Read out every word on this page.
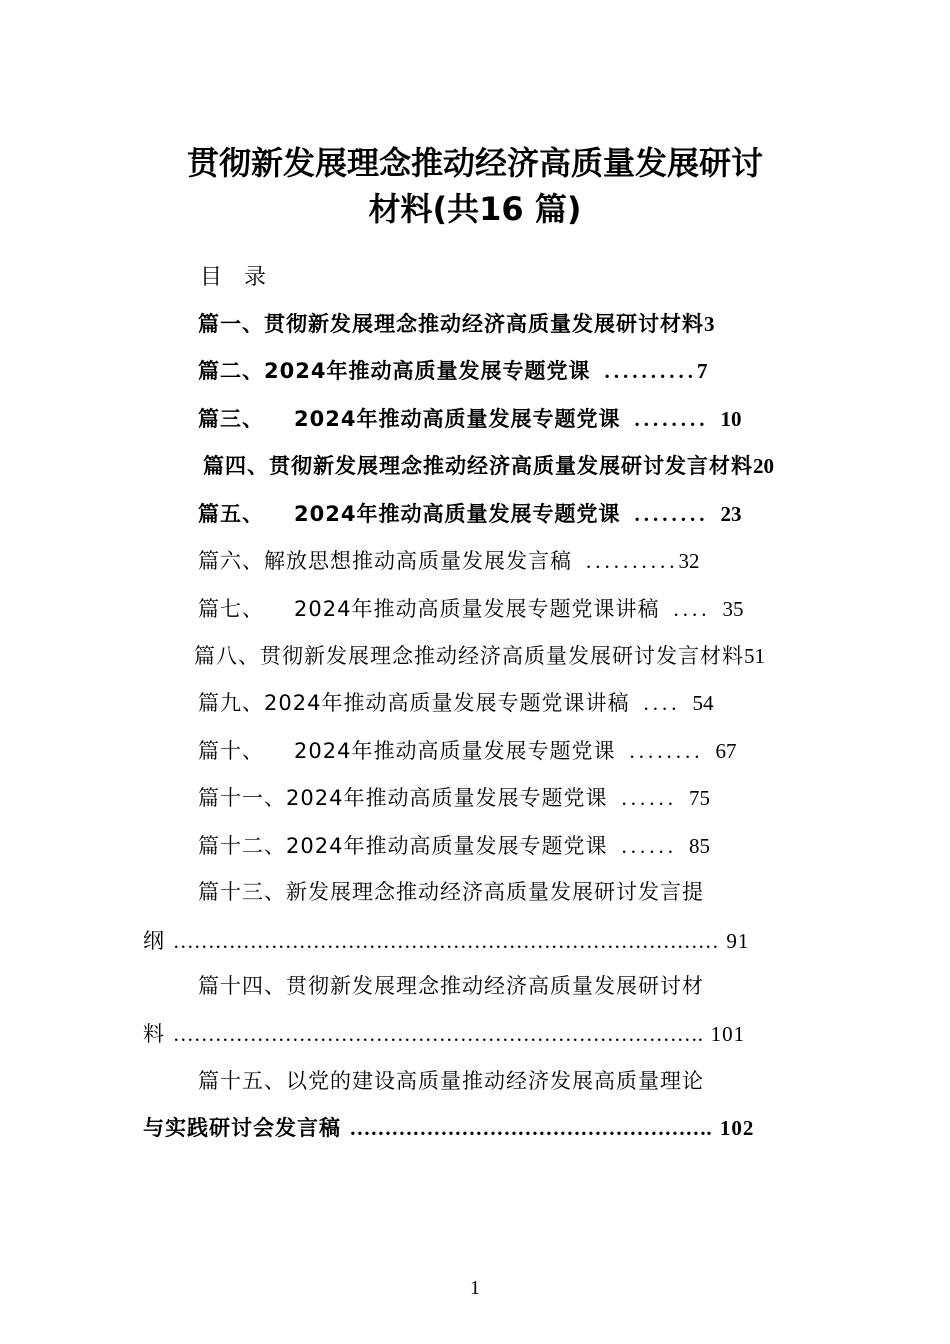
贯彻新发展理念推动经济高质量发展研讨
材料(共16 篇)
目录
篇一、贯彻新发展理念推动经济高质量发展研讨材料 3
篇二、2024年推动高质量发展专题党课 .......... 7
篇三、 2024年推动高质量发展专题党课 ........ 10
篇四、贯彻新发展理念推动经济高质量发展研讨发言材料 20
篇五、 2024年推动高质量发展专题党课 ........ 23
篇六、解放思想推动高质量发展发言稿 .......... 32
篇七、 2024年推动高质量发展专题党课讲稿 .... 35
篇八、贯彻新发展理念推动经济高质量发展研讨发言材料 51
篇九、2024年推动高质量发展专题党课讲稿 .... 54
篇十、 2024年推动高质量发展专题党课 ........ 67
篇十一、2024年推动高质量发展专题党课 ...... 75
篇十二、2024年推动高质量发展专题党课 ...... 85
篇十三、新发展理念推动经济高质量发展研讨发言提
纲 …………………………………………………………………… 91
篇十四、贯彻新发展理念推动经济高质量发展研讨材
料 …………………………………………………………………. 101
篇十五、以党的建设高质量推动经济发展高质量理论
与实践研讨会发言稿 ……………………………………………. 102
1
